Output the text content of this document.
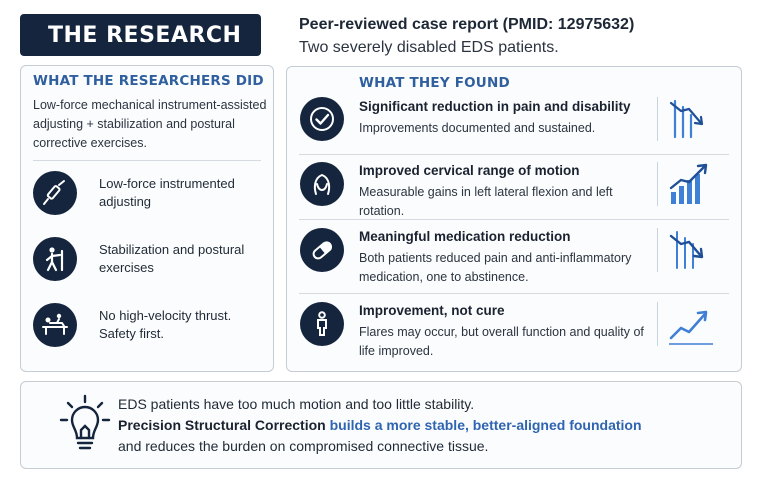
THE RESEARCH	Peer-reviewed case report (PMID: 12975632)
Two severely disabled EDS patients.
WHAT THE RESEARCHERS DID
Low-force mechanical instrument-assisted adjusting + stabilization and postural corrective exercises.
Low-force instrumented adjusting
Stabilization and postural exercises
No high-velocity thrust. Safety first.
WHAT THEY FOUND
Significant reduction in pain and disability
Improvements documented and sustained.
Improved cervical range of motion
Measurable gains in left lateral flexion and left rotation.
Meaningful medication reduction
Both patients reduced pain and anti-inflammatory medication, one to abstinence.
Improvement, not cure
Flares may occur, but overall function and quality of life improved.
EDS patients have too much motion and too little stability.
Precision Structural Correction builds a more stable, better-aligned foundation
and reduces the burden on compromised connective tissue.
